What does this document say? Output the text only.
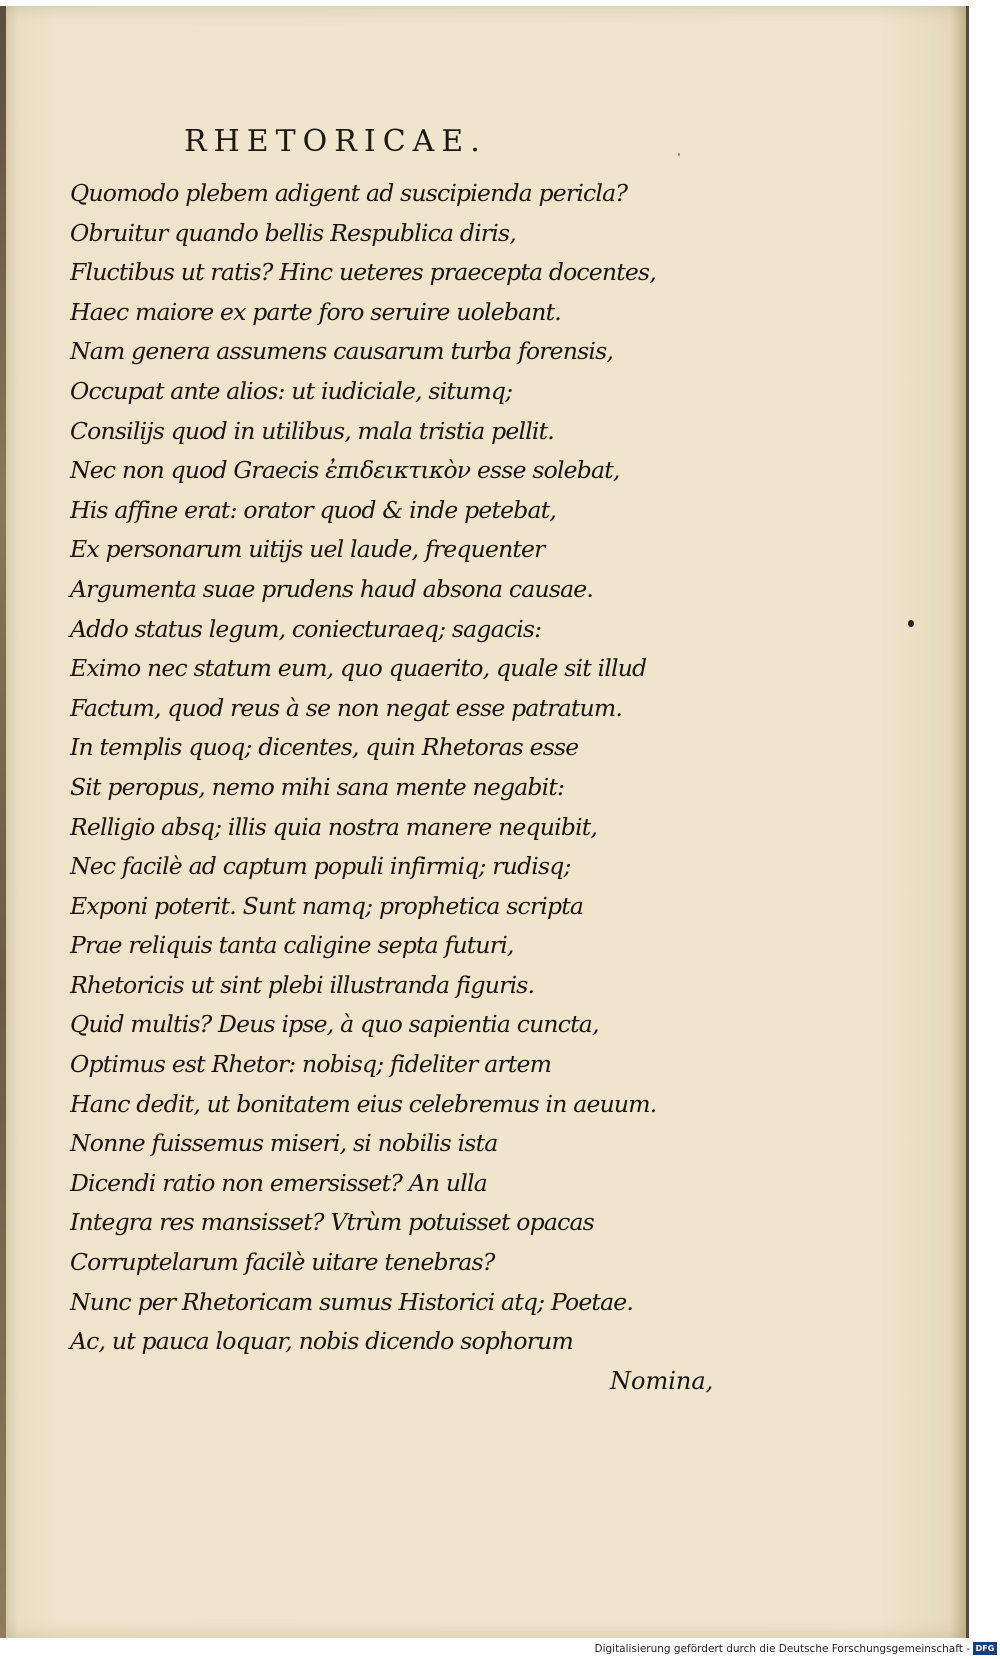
RHETORICAE.
Quomodo plebem adigent ad suscipienda pericla?
Obruitur quando bellis Respublica diris,
Fluctibus ut ratis? Hinc ueteres praecepta docentes,
Haec maiore ex parte foro seruire uolebant.
Nam genera assumens causarum turba forensis,
Occupat ante alios: ut iudiciale, situmq;
Consilijs quod in utilibus, mala tristia pellit.
Nec non quod Graecis ἐπιδεικτικὸν esse solebat,
His affine erat: orator quod & inde petebat,
Ex personarum uitijs uel laude, frequenter
Argumenta suae prudens haud absona causae.
Addo status legum, coniecturaeq; sagacis:
Eximo nec statum eum, quo quaerito, quale sit illud
Factum, quod reus à se non negat esse patratum.
In templis quoq; dicentes, quin Rhetoras esse
Sit peropus, nemo mihi sana mente negabit:
Relligio absq; illis quia nostra manere nequibit,
Nec facilè ad captum populi infirmiq; rudisq;
Exponi poterit. Sunt namq; prophetica scripta
Prae reliquis tanta caligine septa futuri,
Rhetoricis ut sint plebi illustranda figuris.
Quid multis? Deus ipse, à quo sapientia cuncta,
Optimus est Rhetor: nobisq; fideliter artem
Hanc dedit, ut bonitatem eius celebremus in aeuum.
Nonne fuissemus miseri, si nobilis ista
Dicendi ratio non emersisset? An ulla
Integra res mansisset? Vtrùm potuisset opacas
Corruptelarum facilè uitare tenebras?
Nunc per Rhetoricam sumus Historici atq; Poetae.
Ac, ut pauca loquar, nobis dicendo sophorum

Nomina,

Digitalisierung gefördert durch die Deutsche Forschungsgemeinschaft - DFG
